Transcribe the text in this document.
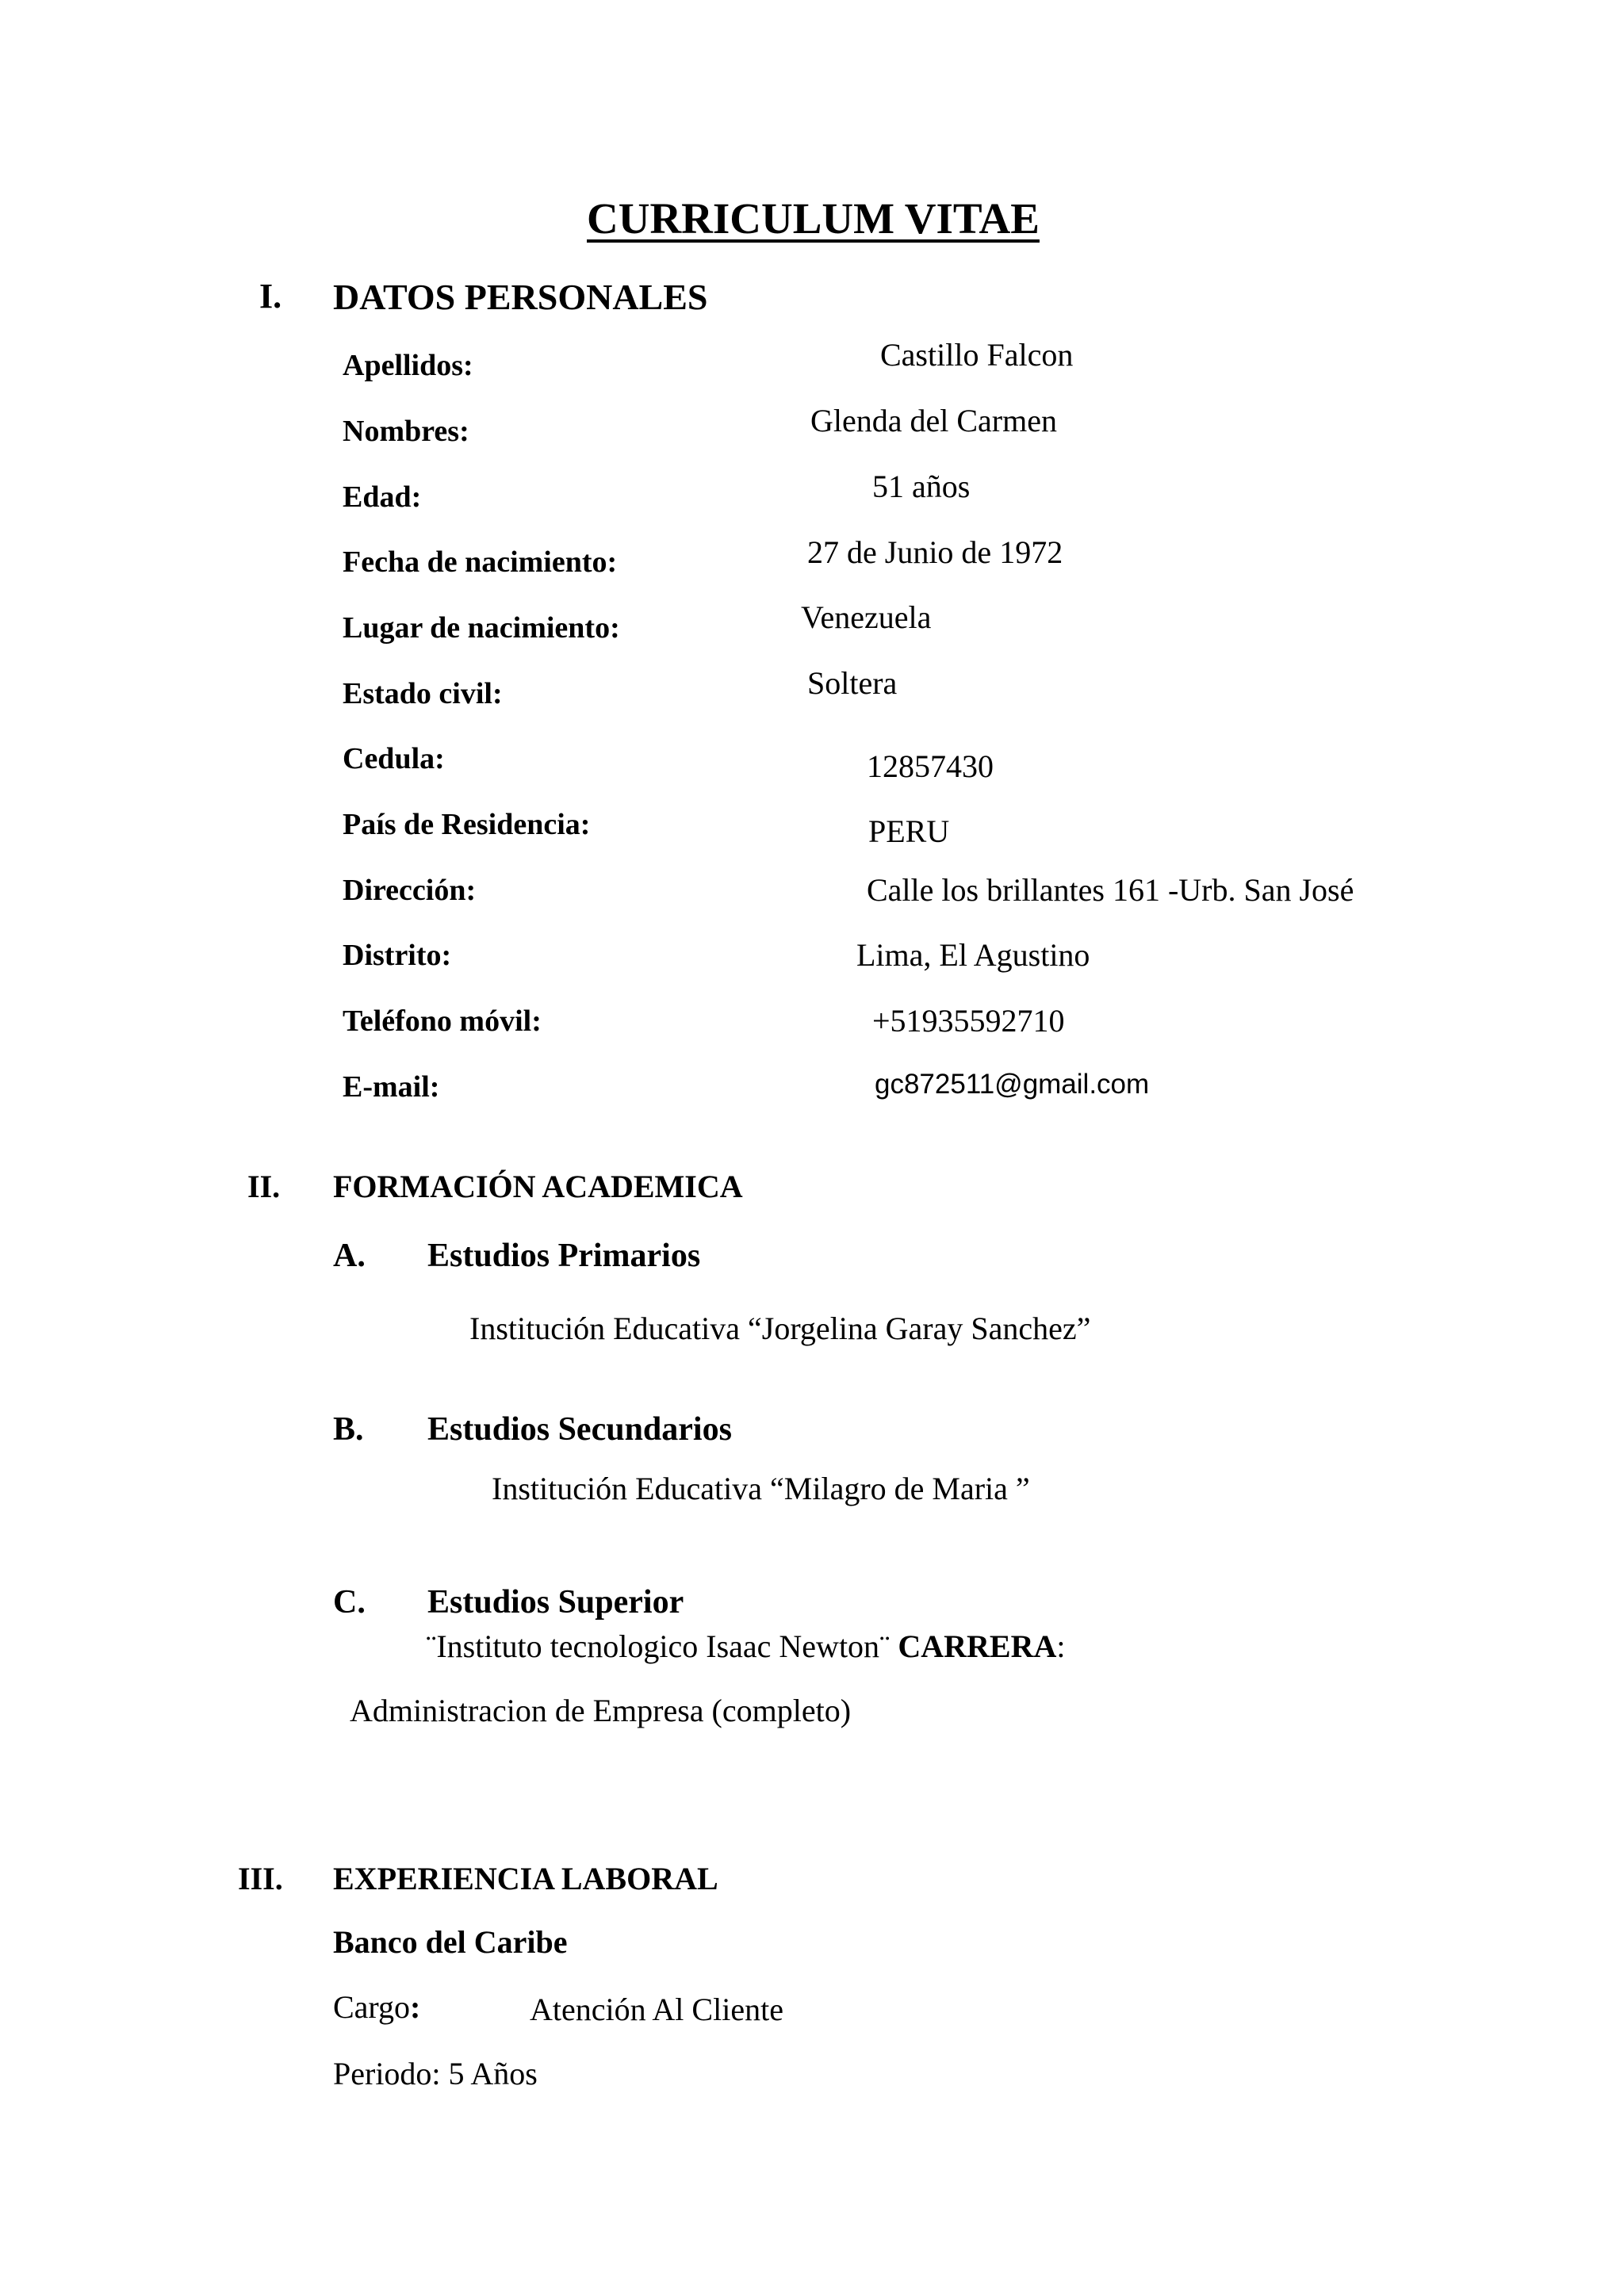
CURRICULUM VITAE
I. DATOS PERSONALES
Apellidos:	Castillo Falcon
Nombres:	Glenda del Carmen
Edad:	51 años
Fecha de nacimiento:	27 de Junio de 1972
Lugar de nacimiento:	Venezuela
Estado civil:	Soltera
Cedula:	12857430
País de Residencia:	PERU
Dirección:	Calle los brillantes 161 -Urb. San José
Distrito:	Lima, El Agustino
Teléfono móvil:	+51935592710
E-mail:	gc872511@gmail.com
II. FORMACIÓN ACADEMICA
A. Estudios Primarios
Institución Educativa “Jorgelina Garay Sanchez”
B. Estudios Secundarios
Institución Educativa “Milagro de Maria ”
C. Estudios Superior
¨Instituto tecnologico Isaac Newton¨ CARRERA:
Administracion de Empresa (completo)
III. EXPERIENCIA LABORAL
Banco del Caribe
Cargo:	Atención Al Cliente
Periodo: 5 Años
